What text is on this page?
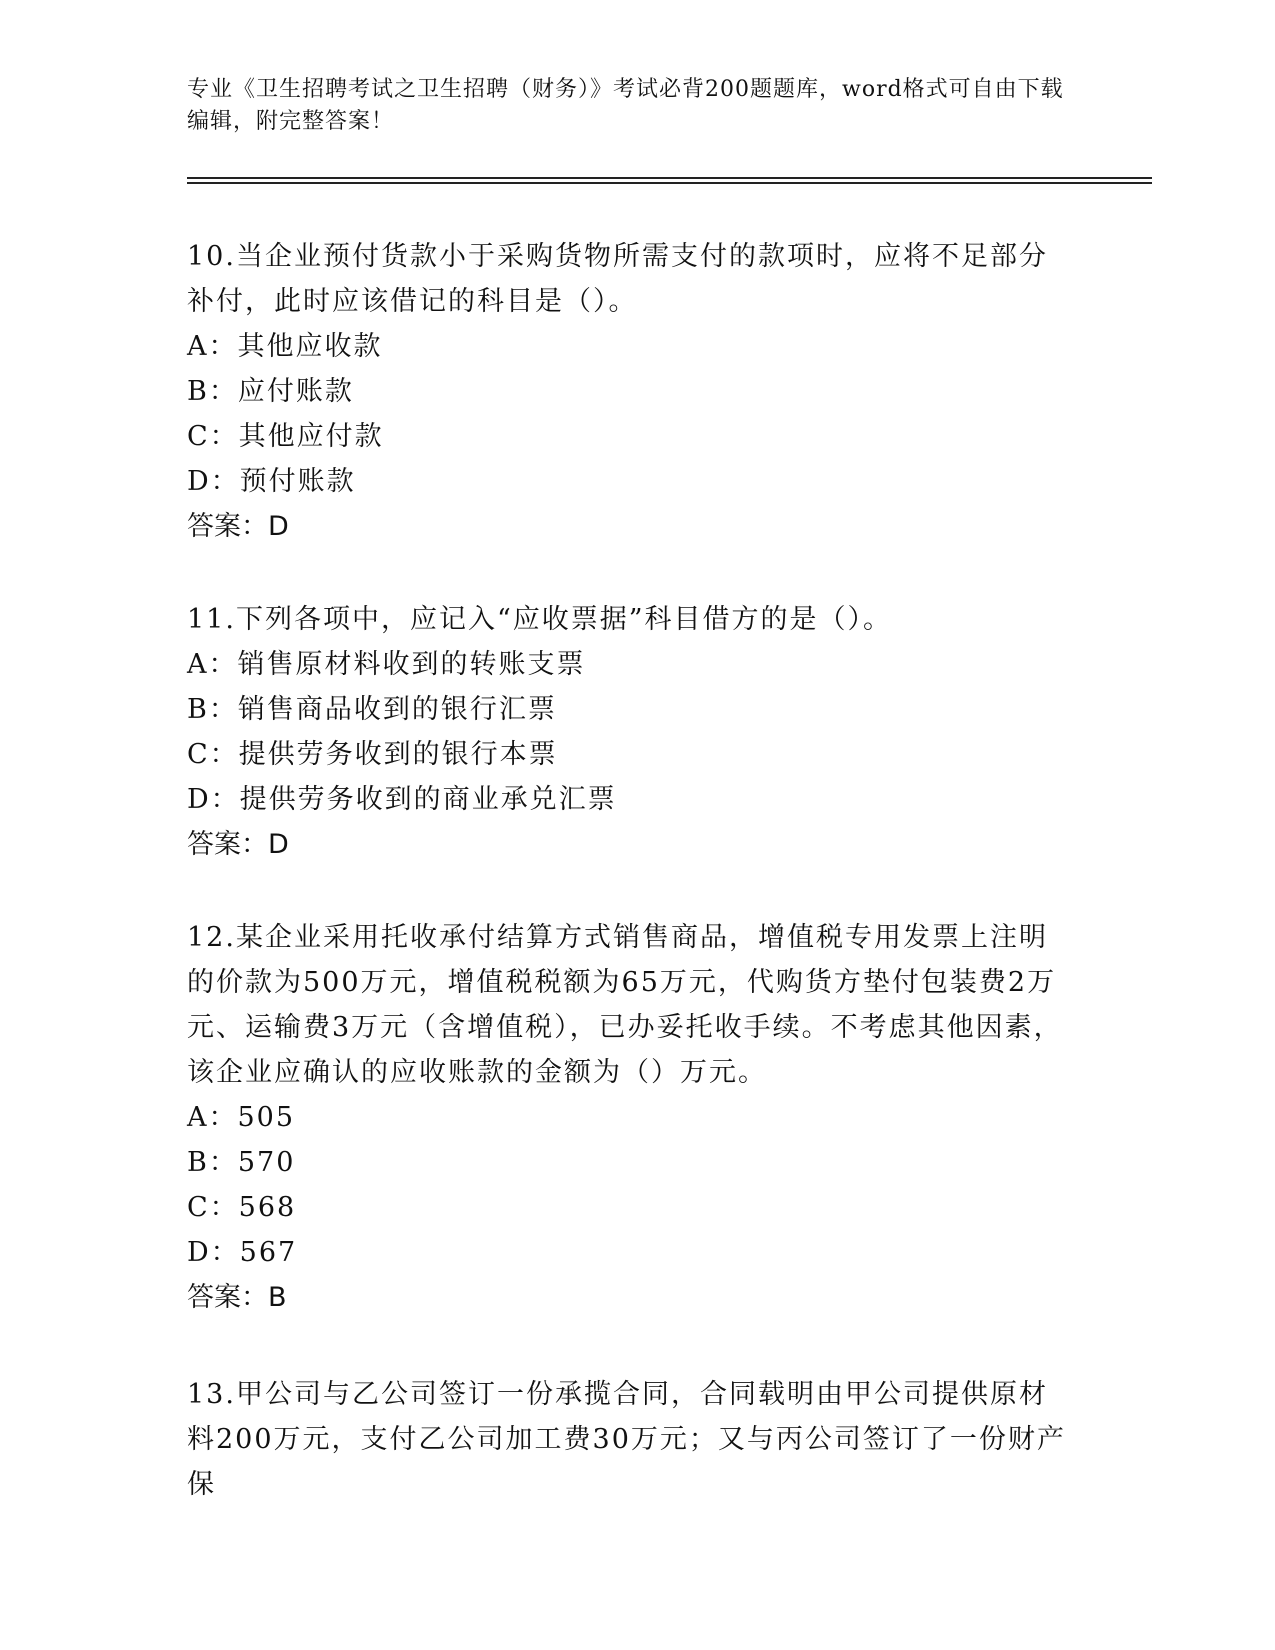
专业《卫生招聘考试之卫生招聘（财务）》考试必背200题题库，word格式可自由下载编辑，附完整答案！
10.当企业预付货款小于采购货物所需支付的款项时，应将不足部分补付，此时应该借记的科目是（）。
A：其他应收款
B：应付账款
C：其他应付款
D：预付账款
答案：D
11.下列各项中，应记入“应收票据”科目借方的是（）。
A：销售原材料收到的转账支票
B：销售商品收到的银行汇票
C：提供劳务收到的银行本票
D：提供劳务收到的商业承兑汇票
答案：D
12.某企业采用托收承付结算方式销售商品，增值税专用发票上注明的价款为500万元，增值税税额为65万元，代购货方垫付包装费2万元、运输费3万元（含增值税），已办妥托收手续。不考虑其他因素，该企业应确认的应收账款的金额为（）万元。
A：505
B：570
C：568
D：567
答案：B
13.甲公司与乙公司签订一份承揽合同，合同载明由甲公司提供原材料200万元，支付乙公司加工费30万元；又与丙公司签订了一份财产保
